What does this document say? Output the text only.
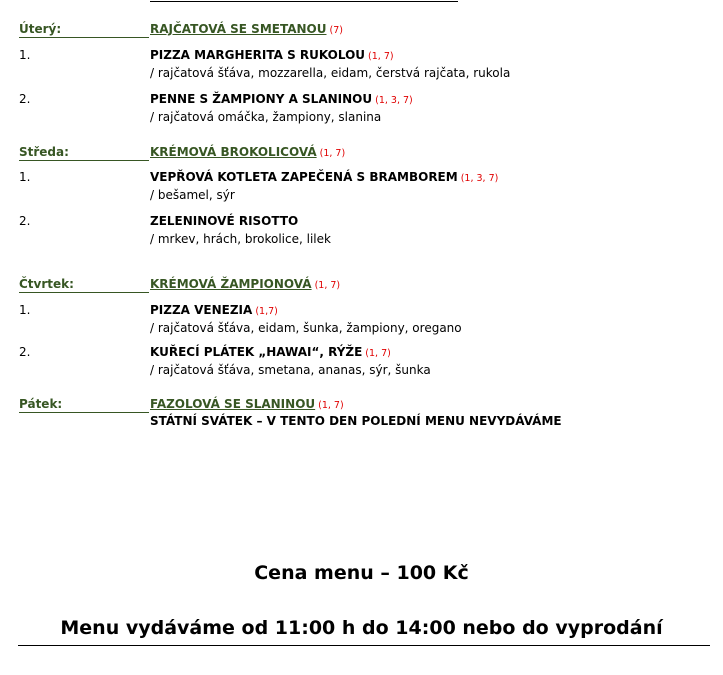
Úterý:	RAJČATOVÁ SE SMETANOU (7)
1.	PIZZA MARGHERITA S RUKOLOU (1, 7)
/ rajčatová šťáva, mozzarella, eidam, čerstvá rajčata, rukola
2.	PENNE S ŽAMPIONY A SLANINOU (1, 3, 7)
/ rajčatová omáčka, žampiony, slanina
Středa:	KRÉMOVÁ BROKOLICOVÁ (1, 7)
1.	VEPŘOVÁ KOTLETA ZAPEČENÁ S BRAMBOREM (1, 3, 7)
/ bešamel, sýr
2.	ZELENINOVÉ RISOTTO
/ mrkev, hrách, brokolice, lilek
Čtvrtek:	KRÉMOVÁ ŽAMPIONOVÁ (1, 7)
1.	PIZZA VENEZIA (1,7)
/ rajčatová šťáva, eidam, šunka, žampiony, oregano
2.	KUŘECÍ PLÁTEK „HAWAI“, RÝŽE (1, 7)
/ rajčatová šťáva, smetana, ananas, sýr, šunka
Pátek:	FAZOLOVÁ SE SLANINOU (1, 7)
STÁTNÍ SVÁTEK – V TENTO DEN POLEDNÍ MENU NEVYDÁVÁME
Cena menu – 100 Kč
Menu vydáváme od 11:00 h do 14:00 nebo do vyprodání
